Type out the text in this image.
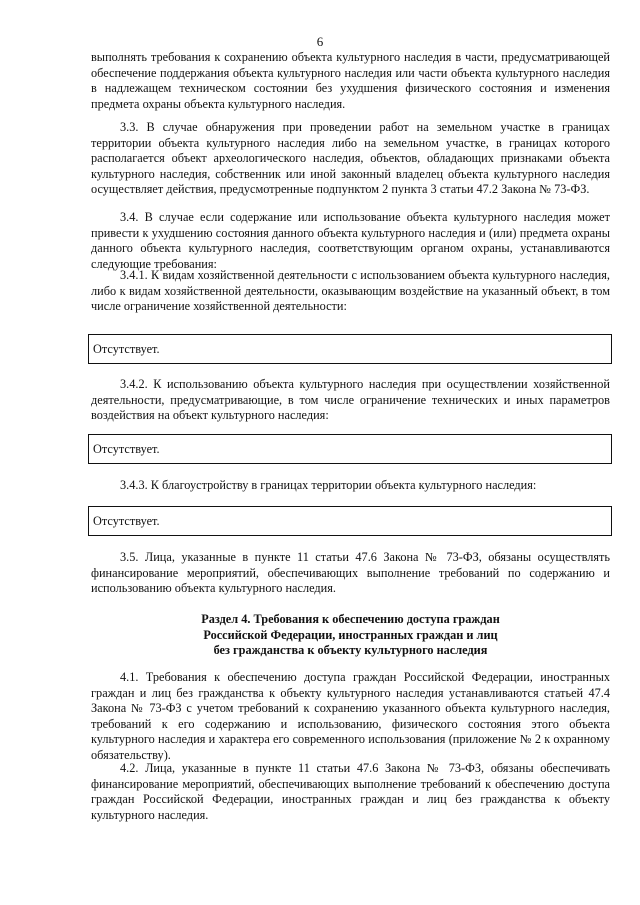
6

выполнять требования к сохранению объекта культурного наследия в части, предусматривающей обеспечение поддержания объекта культурного наследия или части объекта культурного наследия в надлежащем техническом состоянии без ухудшения физического состояния и изменения предмета охраны объекта культурного наследия.

3.3. В случае обнаружения при проведении работ на земельном участке в границах территории объекта культурного наследия либо на земельном участке, в границах которого располагается объект археологического наследия, объектов, обладающих признаками объекта культурного наследия, собственник или иной законный владелец объекта культурного наследия осуществляет действия, предусмотренные подпунктом 2 пункта 3 статьи 47.2 Закона № 73-ФЗ.

3.4. В случае если содержание или использование объекта культурного наследия может привести к ухудшению состояния данного объекта культурного наследия и (или) предмета охраны данного объекта культурного наследия, соответствующим органом охраны, устанавливаются следующие требования:

3.4.1. К видам хозяйственной деятельности с использованием объекта культурного наследия, либо к видам хозяйственной деятельности, оказывающим воздействие на указанный объект, в том числе ограничение хозяйственной деятельности:

Отсутствует.

3.4.2. К использованию объекта культурного наследия при осуществлении хозяйственной деятельности, предусматривающие, в том числе ограничение технических и иных параметров воздействия на объект культурного наследия:

Отсутствует.

3.4.3. К благоустройству в границах территории объекта культурного наследия:

Отсутствует.

3.5. Лица, указанные в пункте 11 статьи 47.6 Закона № 73-ФЗ, обязаны осуществлять финансирование мероприятий, обеспечивающих выполнение требований по содержанию и использованию объекта культурного наследия.

Раздел 4. Требования к обеспечению доступа граждан
Российской Федерации, иностранных граждан и лиц
без гражданства к объекту культурного наследия

4.1. Требования к обеспечению доступа граждан Российской Федерации, иностранных граждан и лиц без гражданства к объекту культурного наследия устанавливаются статьей 47.4 Закона № 73-ФЗ с учетом требований к сохранению указанного объекта культурного наследия, требований к его содержанию и использованию, физического состояния этого объекта культурного наследия и характера его современного использования (приложение № 2 к охранному обязательству).

4.2. Лица, указанные в пункте 11 статьи 47.6 Закона № 73-ФЗ, обязаны обеспечивать финансирование мероприятий, обеспечивающих выполнение требований к обеспечению доступа граждан Российской Федерации, иностранных граждан и лиц без гражданства к объекту культурного наследия.
